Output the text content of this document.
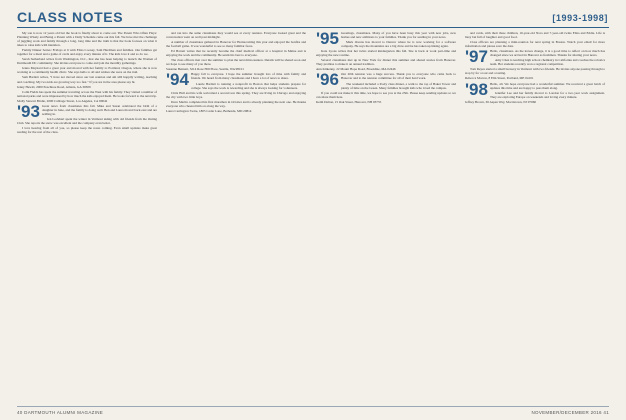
CLASS NOTES	[1993-1998]

My son is now 12 years old but the book is finally about to come out. The Parent Who Often Plays: Planning Wisely and Being a Parent with a Daily Schedule came out this fall. We have met the challenge of juggling work and family through a long, long time and the truth is that the book focuses on what it takes to raise kids with intention.

Family Dinner Series: Fridays at 6 with Eliza Cooney, Sam Herdman and families. Our families get together for a meal and a game of cards and enjoy every minute of it. The kids love it and so do we.

Sarah Sutherland writes from Washington, D.C., that she has been helping to launch the Women of Dartmouth DC community. She invites everyone to come and join the monthly gatherings.

Jenna Maynard had a great year and moved with her family to Portland, Oregon, where she is now working at a community health clinic. She says hello to all and wishes she were on the trail.

Sam Bartlett writes, "I have not moved since our last reunion and am still happily writing, teaching and coaching. My two kids are growing way too fast." If you are in the area please say hi.

Jenny Hewitt, 2000 Peachtree Road, Atlanta, GA 30309

Colin Fields has spent the summer traveling across the West with his family. They visited a number of national parks and were impressed by how much the kids enjoyed them. He looks forward to the next trip.

Molly Stewart Birdie, 2000 Cabbage Street, Los Angeles, CA 90042

'93 Great news from classmates this fall. Mike and Susan celebrated the birth of a daughter in June, and the family is doing well. Ben and Laura moved back east and are settling in.

Jen Lockhart spent the winter in Vermont skiing with old friends from the Outing Club. She reports the snow was excellent and the company even better.

I love hearing from all of you, so please keep the notes coming. Even small updates make great reading for the rest of the class.

and ran into the same classmates they would see at every reunion. Everyone looked great and the conversation went on well past midnight.

A number of classmates gathered in Hanover for Homecoming this year and enjoyed the bonfire and the football game. It was wonderful to see so many familiar faces.

Ed Barrett writes that he recently became the chief medical officer at a hospital in Maine and is enjoying the work and the community. He sends his best to everyone.

The class officers met over the summer to plan the next mini-reunion. Details will be shared soon and we hope to see many of you there.

Susanne Bennett, 3214 Rose Hill Place, Seattle, WA 98101

'94 Happy fall to everyone. I hope the summer brought lots of time with family and friends. We heard from many classmates and I have a lot of news to share.

Laurie Bartlett is running a nonprofit in Boston that helps students prepare for college. She says the work is rewarding and she is always looking for volunteers.

Chris Hall and his wife welcomed a second son this spring. They are living in Chicago and enjoying the city with two little boys.

Dave Martin completed his first marathon in October and is already planning the next one. He thanks everyone who cheered him on along the way.

Laura Carrington Swire, 1805 Cedar Lane, Bethesda, MD 20814

'95 Greetings, classmates. Many of you have been busy this year with new jobs, new homes and new additions to your families. Thank you for sending in your news.

Mark Owens has moved to Denver where he is now working for a software company. He says the mountains are a big draw and he has taken up hiking again.

Kate Lyons writes that her twins started kindergarten this fall. She is back at work part-time and enjoying the new routine.

Several classmates met up in New York for dinner this summer and shared stories from Hanover. They promise to make it an annual tradition.

Ann Kilkenny, 22 Mount Hope Road, Brookline, MA 02446

'96 Our 20th reunion was a huge success. Thank you to everyone who came back to Hanover and to the reunion committee for all of their hard work.

The weekend included a lively class dinner, a walk to the top of Baker Tower and plenty of time on the Green. Many families brought kids who loved the campus.

If you could not make it this time, we hope to see you at the 25th. Please keep sending updates so we can share them here.

Keith Dalton, 15 Oak Street, Hanover, NH 03755

and cards, with their three children, 16-year-old Nora and 7-year-old twins Eliza and Eddie. Life is busy but full of laughter and good food.

Class officers are planning a mini-reunion for next spring in Boston. Watch your email for more information and please save the date.

'97 Hello, classmates. As the leaves change, it is a good time to reflect on how much has changed since we arrived in Hanover as freshmen. Thanks for sharing your news.

Amy Chen is teaching high school chemistry in California and coaches the robotics team. Her students recently won a regional competition.

Tom Reyes started a small brewery in Vermont with two friends. He invites anyone passing through to stop by for a tour and a tasting.

Rebecca Morton, 8 Elm Street, Portland, ME 04101

'98 Hello, all. We hope everyone had a wonderful summer. We received a great batch of updates this time and are happy to pass them along.

Jennifer Lee and her family moved to London for a two-year work assignment. They are exploring Europe on weekends and loving every minute.

Jeffrey Brown, 36 Aspen Way, Morristown, NJ 07960

40 DARTMOUTH ALUMNI MAGAZINE	NOVEMBER/DECEMBER 2016 41
